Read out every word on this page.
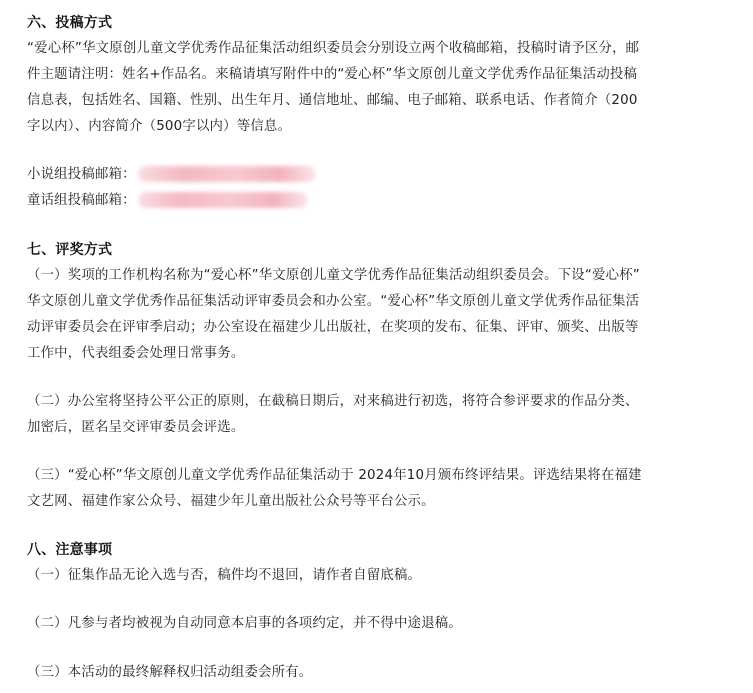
六、投稿方式
“爱心杯”华文原创儿童文学优秀作品征集活动组织委员会分别设立两个收稿邮箱，投稿时请予区分，邮
件主题请注明：姓名+作品名。来稿请填写附件中的“爱心杯”华文原创儿童文学优秀作品征集活动投稿
信息表，包括姓名、国籍、性别、出生年月、通信地址、邮编、电子邮箱、联系电话、作者简介（200
字以内）、内容简介（500字以内）等信息。
小说组投稿邮箱：
童话组投稿邮箱：
七、评奖方式
（一）奖项的工作机构名称为“爱心杯”华文原创儿童文学优秀作品征集活动组织委员会。下设“爱心杯”
华文原创儿童文学优秀作品征集活动评审委员会和办公室。“爱心杯”华文原创儿童文学优秀作品征集活
动评审委员会在评审季启动；办公室设在福建少儿出版社，在奖项的发布、征集、评审、颁奖、出版等
工作中，代表组委会处理日常事务。
（二）办公室将坚持公平公正的原则，在截稿日期后，对来稿进行初选，将符合参评要求的作品分类、
加密后，匿名呈交评审委员会评选。
（三）“爱心杯”华文原创儿童文学优秀作品征集活动于 2024年10月颁布终评结果。评选结果将在福建
文艺网、福建作家公众号、福建少年儿童出版社公众号等平台公示。
八、注意事项
（一）征集作品无论入选与否，稿件均不退回，请作者自留底稿。
（二）凡参与者均被视为自动同意本启事的各项约定，并不得中途退稿。
（三）本活动的最终解释权归活动组委会所有。
